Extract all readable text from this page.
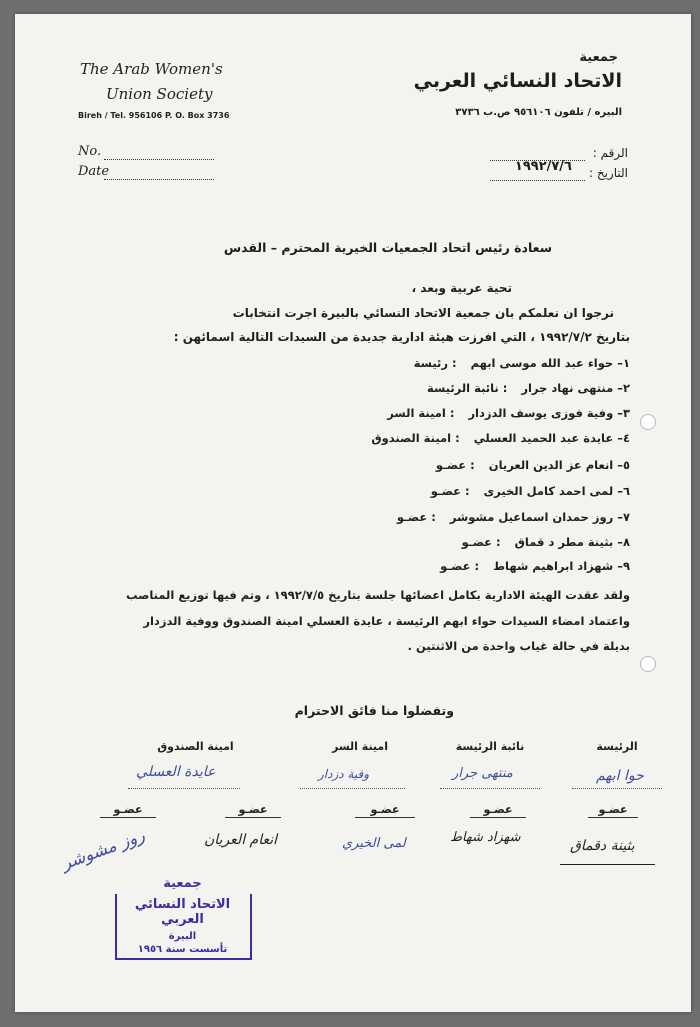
The Arab Women's
Union Society
Bireh / Tel. 956106 P. O. Box 3736
جمعية
الاتحاد النسائي العربي
البيره / تلفون ٩٥٦١٠٦ ص.ب ٣٧٣٦
No.
Date
الرقم :
التاريخ :
١٩٩٢/٧/٦
سعادة رئيس اتحاد الجمعيات الخيرية المحترم – القدس
تحية عربية وبعد ،
نرجوا ان نعلمكم بان جمعية الاتحاد النسائي بالبيرة اجرت انتخابات
بتاريخ ١٩٩٢/٧/٢ ، التي افرزت هيئة ادارية جديدة من السيدات التالية اسمائهن :
١– حواء عبد الله موسى ابهم: رئيسة
٢– منتهى نهاد جرار: نائبة الرئيسة
٣– وفية فوزى يوسف الدزدار: امينة السر
٤– عايدة عبد الحميد العسلي: امينة الصندوق
٥– انعام عز الدين العريان: عضـو
٦– لمى احمد كامل الخيرى: عضـو
٧– روز حمدان اسماعيل مشوشر: عضـو
٨– بثينة مطر د قماق: عضـو
٩– شهزاد ابراهيم شهاط: عضـو
ولقد عقدت الهيئة الادارية بكامل اعضائها جلسة بتاريخ ١٩٩٢/٧/٥ ، وتم فيها توزيع المناصب
واعتماد امضاء السيدات حواء ابهم الرئيسة ، عايدة العسلي امينة الصندوق ووفية الدزدار
بديلة في حالة غياب واحدة من الاثنتين .
وتفضلوا منا فائق الاحترام
الرئيسة
نائبة الرئيسة
امينة السر
امينة الصندوق
حوا ابهم
منتهى جرار
وفية دزدار
عايدة العسلي
عضـو
عضـو
عضـو
عضـو
عضـو
بثينة دقماق
شهزاد شهاط
لمى الخيري
انعام العريان
روز مشوشر
جمعية
الاتحاد النسائي العربي
البيرة
تأسست سنة ١٩٥٦
